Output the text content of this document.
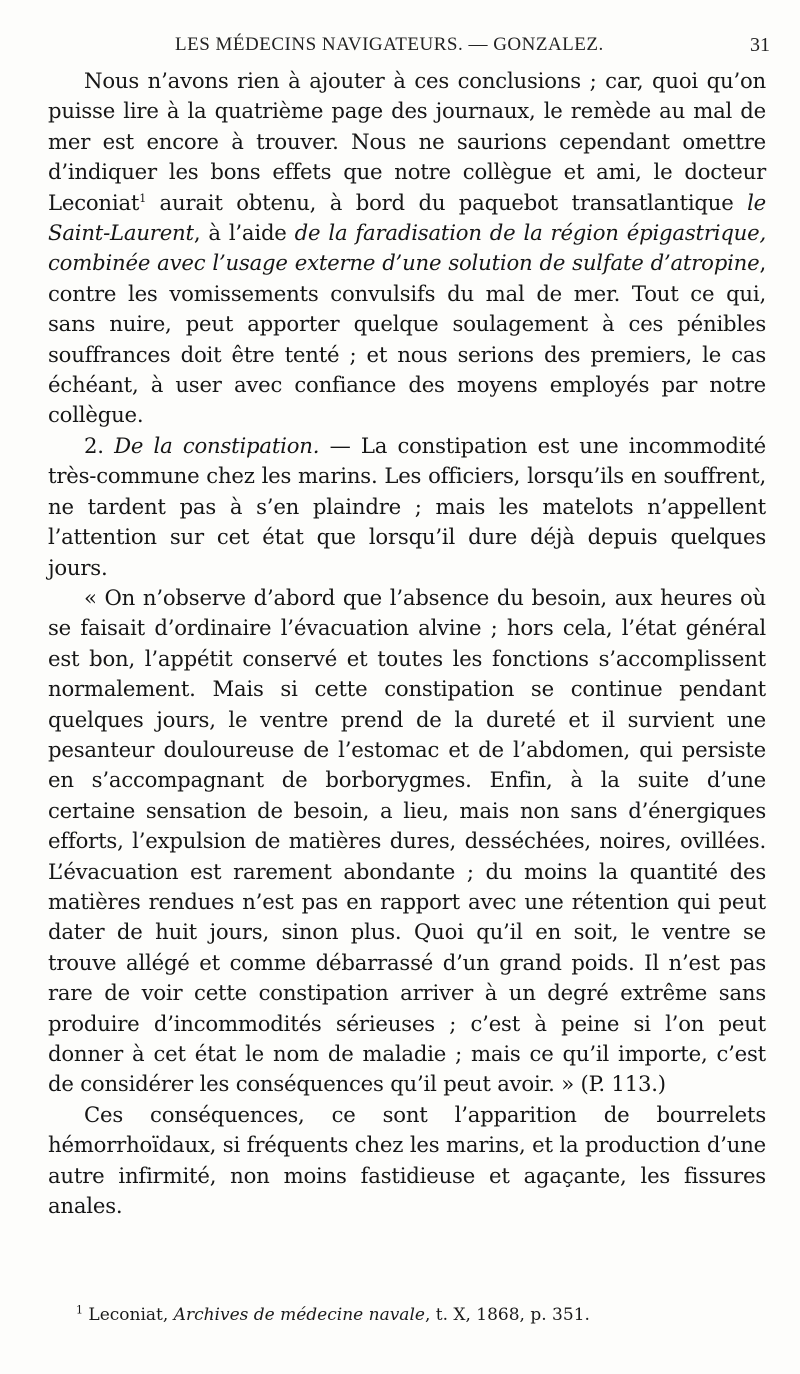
LES MÉDECINS NAVIGATEURS. — GONZALEZ.	31

Nous n’avons rien à ajouter à ces conclusions ; car, quoi qu’on puisse lire à la quatrième page des journaux, le remède au mal de mer est encore à trouver. Nous ne saurions cependant omettre d’indiquer les bons effets que notre collègue et ami, le docteur Leconiat$^1$ aurait obtenu, à bord du paquebot transatlantique le Saint-Laurent, à l’aide de la faradisation de la région épigastrique, combinée avec l’usage externe d’une solution de sulfate d’atropine, contre les vomissements convulsifs du mal de mer. Tout ce qui, sans nuire, peut apporter quelque soulagement à ces pénibles souffrances doit être tenté ; et nous serions des premiers, le cas échéant, à user avec confiance des moyens employés par notre collègue.

2. De la constipation. — La constipation est une incommodité très-commune chez les marins. Les officiers, lorsqu’ils en souffrent, ne tardent pas à s’en plaindre ; mais les matelots n’appellent l’attention sur cet état que lorsqu’il dure déjà depuis quelques jours.

« On n’observe d’abord que l’absence du besoin, aux heures où se faisait d’ordinaire l’évacuation alvine ; hors cela, l’état général est bon, l’appétit conservé et toutes les fonctions s’accomplissent normalement. Mais si cette constipation se continue pendant quelques jours, le ventre prend de la dureté et il survient une pesanteur douloureuse de l’estomac et de l’abdomen, qui persiste en s’accompagnant de borborygmes. Enfin, à la suite d’une certaine sensation de besoin, a lieu, mais non sans d’énergiques efforts, l’expulsion de matières dures, desséchées, noires, ovillées. L’évacuation est rarement abondante ; du moins la quantité des matières rendues n’est pas en rapport avec une rétention qui peut dater de huit jours, sinon plus. Quoi qu’il en soit, le ventre se trouve allégé et comme débarrassé d’un grand poids. Il n’est pas rare de voir cette constipation arriver à un degré extrême sans produire d’incommodités sérieuses ; c’est à peine si l’on peut donner à cet état le nom de maladie ; mais ce qu’il importe, c’est de considérer les conséquences qu’il peut avoir. » (P. 113.)

Ces conséquences, ce sont l’apparition de bourrelets hémorrhoïdaux, si fréquents chez les marins, et la production d’une autre infirmité, non moins fastidieuse et agaçante, les fissures anales.

$^1$ Leconiat, Archives de médecine navale, t. X, 1868, p. 351.
